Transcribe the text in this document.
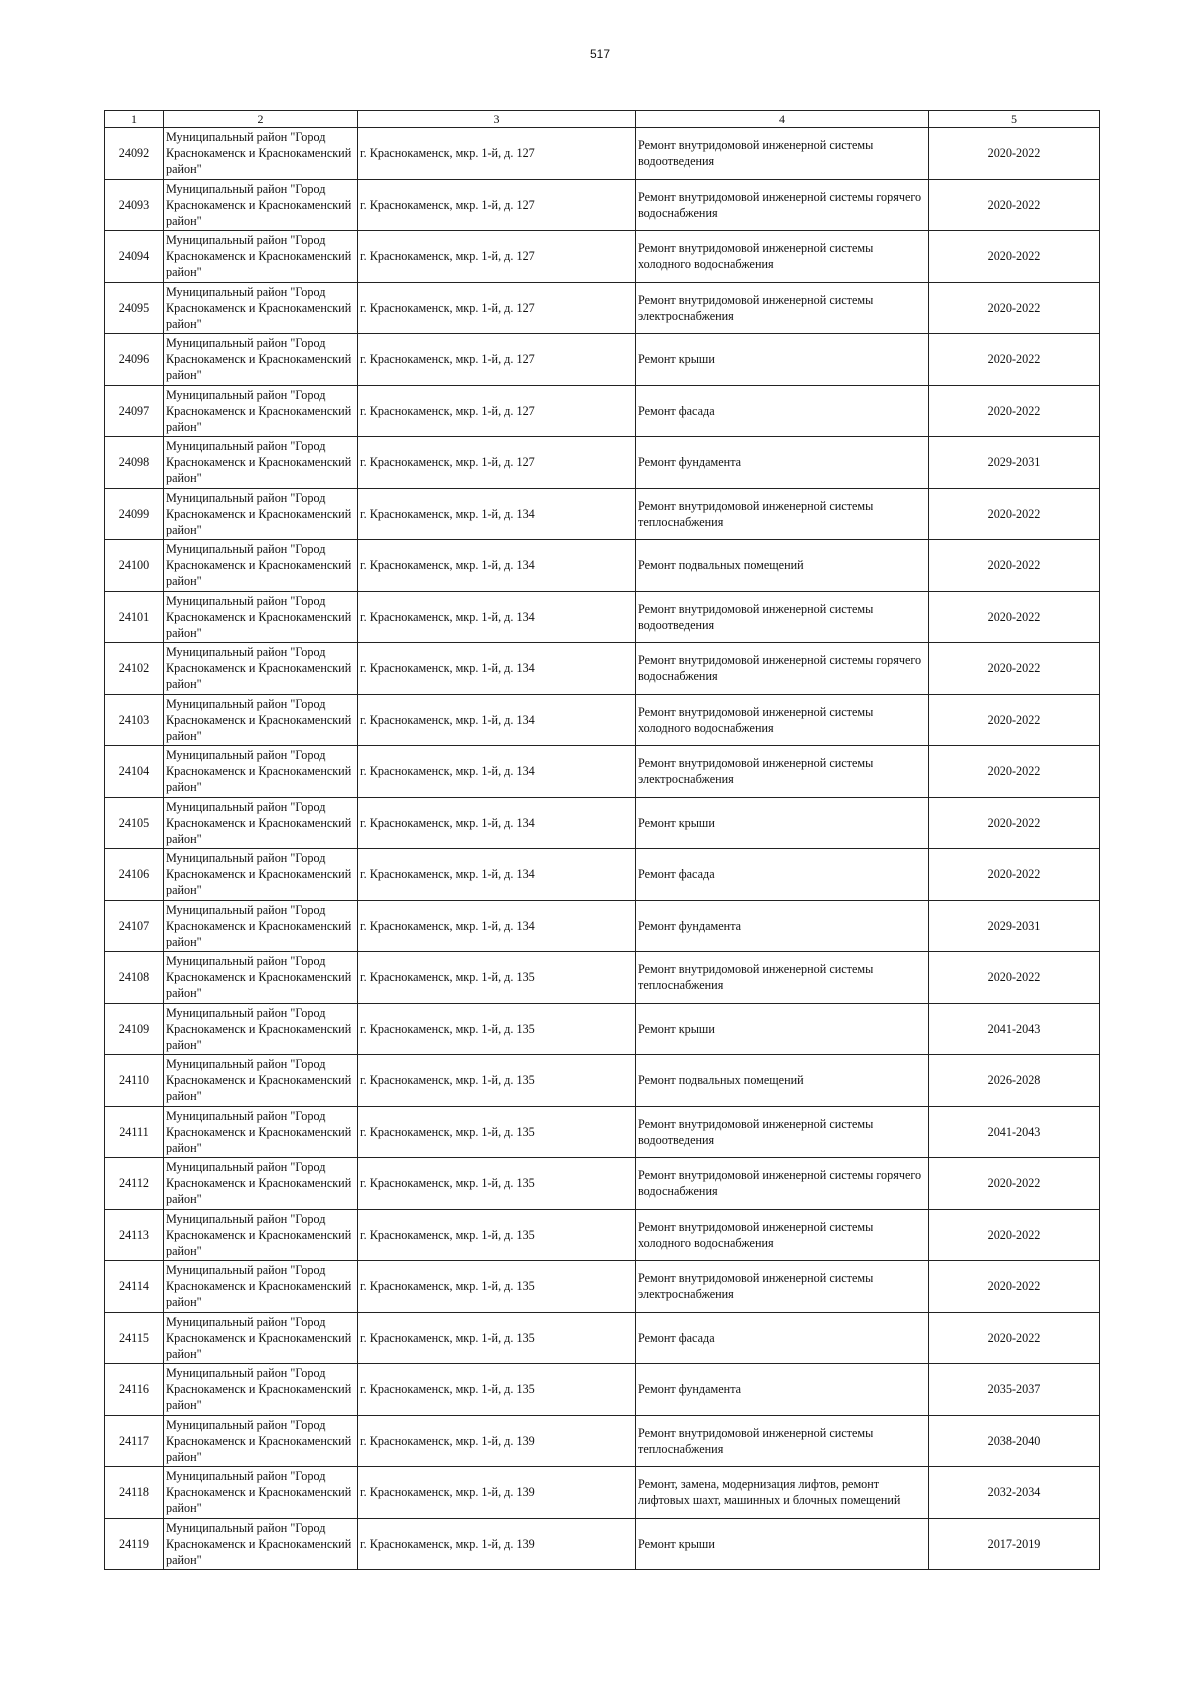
517
1	2	3	4	5
24092	Муниципальный район "Город Краснокаменск и Краснокаменский район"	г. Краснокаменск, мкр. 1-й, д. 127	Ремонт внутридомовой инженерной системы водоотведения	2020-2022
24093	Муниципальный район "Город Краснокаменск и Краснокаменский район"	г. Краснокаменск, мкр. 1-й, д. 127	Ремонт внутридомовой инженерной системы горячего водоснабжения	2020-2022
24094	Муниципальный район "Город Краснокаменск и Краснокаменский район"	г. Краснокаменск, мкр. 1-й, д. 127	Ремонт внутридомовой инженерной системы холодного водоснабжения	2020-2022
24095	Муниципальный район "Город Краснокаменск и Краснокаменский район"	г. Краснокаменск, мкр. 1-й, д. 127	Ремонт внутридомовой инженерной системы электроснабжения	2020-2022
24096	Муниципальный район "Город Краснокаменск и Краснокаменский район"	г. Краснокаменск, мкр. 1-й, д. 127	Ремонт крыши	2020-2022
24097	Муниципальный район "Город Краснокаменск и Краснокаменский район"	г. Краснокаменск, мкр. 1-й, д. 127	Ремонт фасада	2020-2022
24098	Муниципальный район "Город Краснокаменск и Краснокаменский район"	г. Краснокаменск, мкр. 1-й, д. 127	Ремонт фундамента	2029-2031
24099	Муниципальный район "Город Краснокаменск и Краснокаменский район"	г. Краснокаменск, мкр. 1-й, д. 134	Ремонт внутридомовой инженерной системы теплоснабжения	2020-2022
24100	Муниципальный район "Город Краснокаменск и Краснокаменский район"	г. Краснокаменск, мкр. 1-й, д. 134	Ремонт подвальных помещений	2020-2022
24101	Муниципальный район "Город Краснокаменск и Краснокаменский район"	г. Краснокаменск, мкр. 1-й, д. 134	Ремонт внутридомовой инженерной системы водоотведения	2020-2022
24102	Муниципальный район "Город Краснокаменск и Краснокаменский район"	г. Краснокаменск, мкр. 1-й, д. 134	Ремонт внутридомовой инженерной системы горячего водоснабжения	2020-2022
24103	Муниципальный район "Город Краснокаменск и Краснокаменский район"	г. Краснокаменск, мкр. 1-й, д. 134	Ремонт внутридомовой инженерной системы холодного водоснабжения	2020-2022
24104	Муниципальный район "Город Краснокаменск и Краснокаменский район"	г. Краснокаменск, мкр. 1-й, д. 134	Ремонт внутридомовой инженерной системы электроснабжения	2020-2022
24105	Муниципальный район "Город Краснокаменск и Краснокаменский район"	г. Краснокаменск, мкр. 1-й, д. 134	Ремонт крыши	2020-2022
24106	Муниципальный район "Город Краснокаменск и Краснокаменский район"	г. Краснокаменск, мкр. 1-й, д. 134	Ремонт фасада	2020-2022
24107	Муниципальный район "Город Краснокаменск и Краснокаменский район"	г. Краснокаменск, мкр. 1-й, д. 134	Ремонт фундамента	2029-2031
24108	Муниципальный район "Город Краснокаменск и Краснокаменский район"	г. Краснокаменск, мкр. 1-й, д. 135	Ремонт внутридомовой инженерной системы теплоснабжения	2020-2022
24109	Муниципальный район "Город Краснокаменск и Краснокаменский район"	г. Краснокаменск, мкр. 1-й, д. 135	Ремонт крыши	2041-2043
24110	Муниципальный район "Город Краснокаменск и Краснокаменский район"	г. Краснокаменск, мкр. 1-й, д. 135	Ремонт подвальных помещений	2026-2028
24111	Муниципальный район "Город Краснокаменск и Краснокаменский район"	г. Краснокаменск, мкр. 1-й, д. 135	Ремонт внутридомовой инженерной системы водоотведения	2041-2043
24112	Муниципальный район "Город Краснокаменск и Краснокаменский район"	г. Краснокаменск, мкр. 1-й, д. 135	Ремонт внутридомовой инженерной системы горячего водоснабжения	2020-2022
24113	Муниципальный район "Город Краснокаменск и Краснокаменский район"	г. Краснокаменск, мкр. 1-й, д. 135	Ремонт внутридомовой инженерной системы холодного водоснабжения	2020-2022
24114	Муниципальный район "Город Краснокаменск и Краснокаменский район"	г. Краснокаменск, мкр. 1-й, д. 135	Ремонт внутридомовой инженерной системы электроснабжения	2020-2022
24115	Муниципальный район "Город Краснокаменск и Краснокаменский район"	г. Краснокаменск, мкр. 1-й, д. 135	Ремонт фасада	2020-2022
24116	Муниципальный район "Город Краснокаменск и Краснокаменский район"	г. Краснокаменск, мкр. 1-й, д. 135	Ремонт фундамента	2035-2037
24117	Муниципальный район "Город Краснокаменск и Краснокаменский район"	г. Краснокаменск, мкр. 1-й, д. 139	Ремонт внутридомовой инженерной системы теплоснабжения	2038-2040
24118	Муниципальный район "Город Краснокаменск и Краснокаменский район"	г. Краснокаменск, мкр. 1-й, д. 139	Ремонт, замена, модернизация лифтов, ремонт лифтовых шахт, машинных и блочных помещений	2032-2034
24119	Муниципальный район "Город Краснокаменск и Краснокаменский район"	г. Краснокаменск, мкр. 1-й, д. 139	Ремонт крыши	2017-2019
